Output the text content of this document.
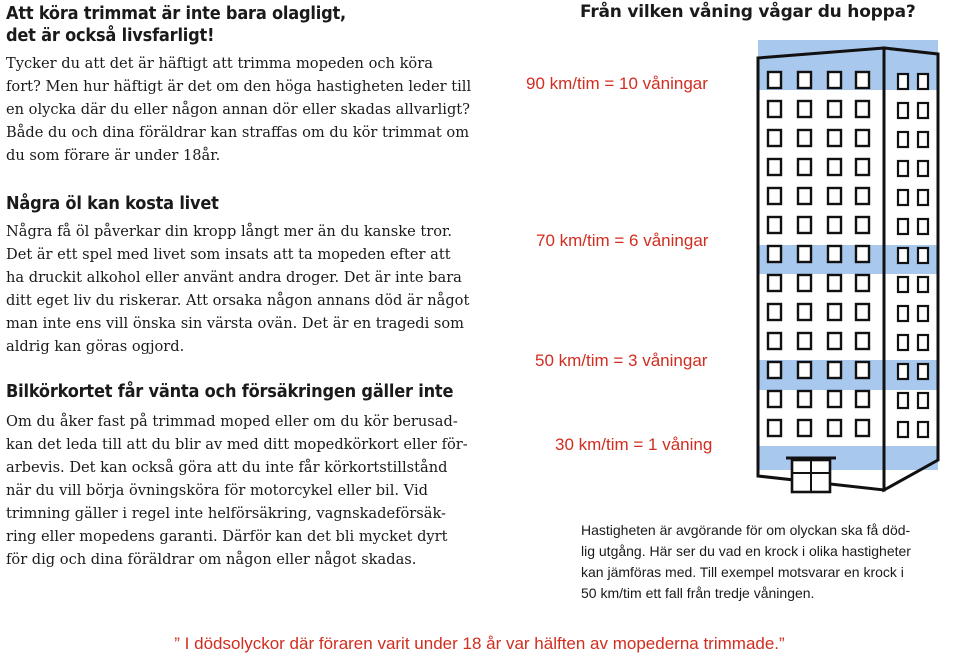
Att köra trimmat är inte bara olagligt,
det är också livsfarligt!

Tycker du att det är häftigt att trimma mopeden och köra
fort? Men hur häftigt är det om den höga hastigheten leder till
en olycka där du eller någon annan dör eller skadas allvarligt?
Både du och dina föräldrar kan straffas om du kör trimmat om
du som förare är under 18år.

Några öl kan kosta livet

Några få öl påverkar din kropp långt mer än du kanske tror.
Det är ett spel med livet som insats att ta mopeden efter att
ha druckit alkohol eller använt andra droger. Det är inte bara
ditt eget liv du riskerar. Att orsaka någon annans död är något
man inte ens vill önska sin värsta ovän. Det är en tragedi som
aldrig kan göras ogjord.

Bilkörkortet får vänta och försäkringen gäller inte

Om du åker fast på trimmad moped eller om du kör berusad-
kan det leda till att du blir av med ditt mopedkörkort eller för-
arbevis. Det kan också göra att du inte får körkortstillstånd
när du vill börja övningsköra för motorcykel eller bil. Vid
trimning gäller i regel inte helförsäkring, vagnskadeförsäk-
ring eller mopedens garanti. Därför kan det bli mycket dyrt
för dig och dina föräldrar om någon eller något skadas.

Från vilken våning vågar du hoppa?
90 km/tim = 10 våningar
70 km/tim = 6 våningar
50 km/tim = 3 våningar
30 km/tim = 1 våning
Hastigheten är avgörande för om olyckan ska få död-
lig utgång. Här ser du vad en krock i olika hastigheter
kan jämföras med. Till exempel motsvarar en krock i
50 km/tim ett fall från tredje våningen.
” I dödsolyckor där föraren varit under 18 år var hälften av mopederna trimmade.”
